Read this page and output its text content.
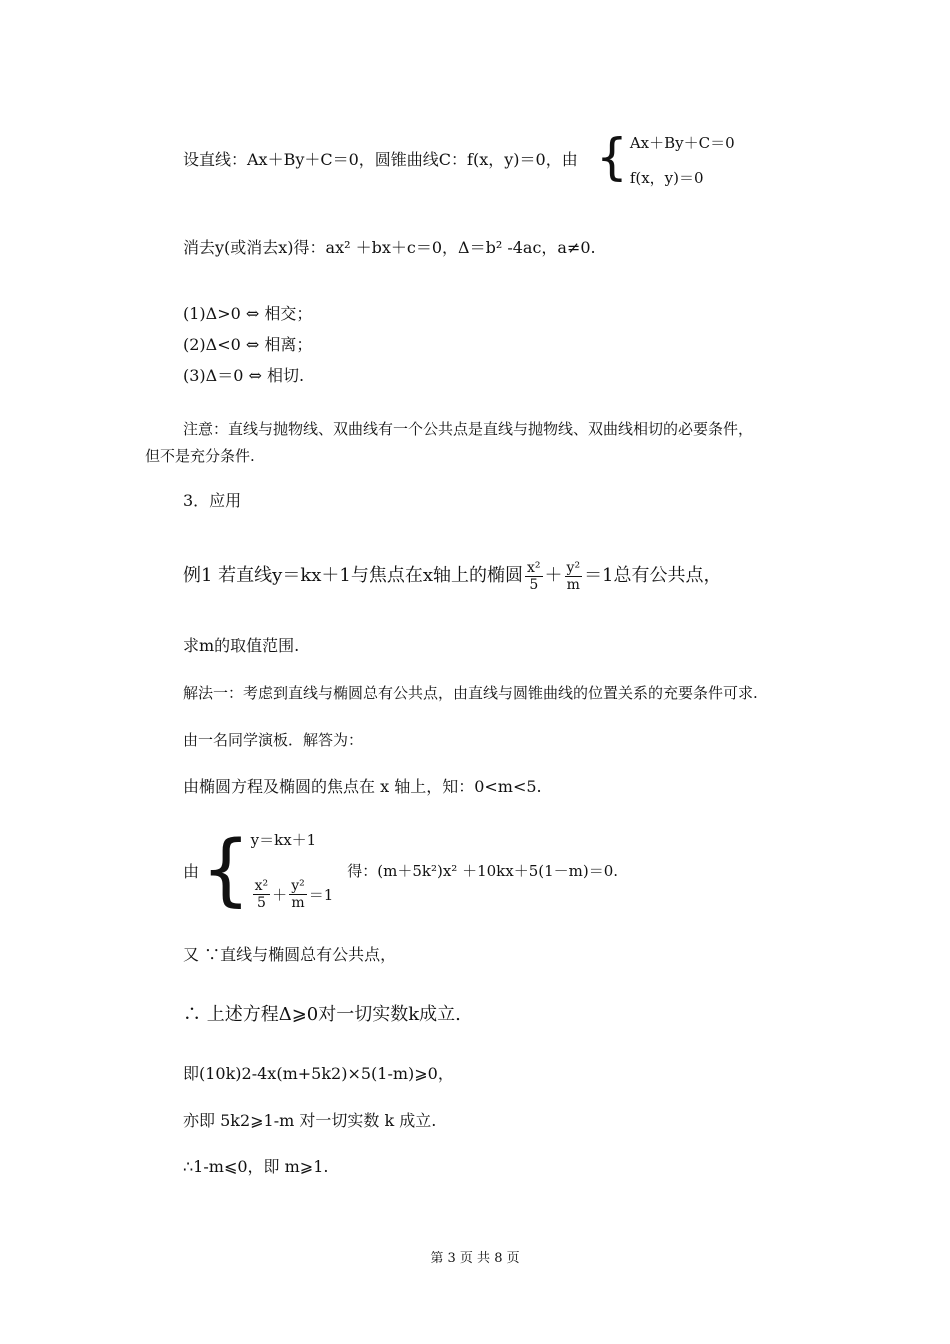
设直线：Ax＋By＋C＝0，圆锥曲线C：f(x，y)＝0，由 { Ax＋By＋C＝0
f(x，y)＝0
消去y(或消去x)得：ax² ＋bx＋c＝0，Δ＝b² -4ac，a≠0.
(1)Δ>0 ⇔ 相交；
(2)Δ<0 ⇔ 相离；
(3)Δ＝0 ⇔ 相切.
注意：直线与抛物线、双曲线有一个公共点是直线与抛物线、双曲线相切的必要条件，
但不是充分条件.
3．应用
例1 若直线y＝kx＋1与焦点在x轴上的椭圆 $\frac{\text{x²}}{5} + \frac{\text{y²}}{m} =1$总有公共点，
求m的取值范围.
解法一：考虑到直线与椭圆总有公共点，由直线与圆锥曲线的位置关系的充要条件可求.
由一名同学演板．解答为：
由椭圆方程及椭圆的焦点在 x 轴上，知：0<m<5.
由 { y＝kx＋1
$\frac{\text{x²}}{5} + \frac{\text{y²}}{m} =1$
得：(m＋5k²)x² ＋10kx＋5(1－m)＝0.
又 ∵直线与椭圆总有公共点，
∴ 上述方程Δ⩾0对一切实数k成立.
即(10k)2-4x(m+5k2)×5(1-m)⩾0，
亦即 5k2⩾1-m 对一切实数 k 成立.
∴1-m⩽0，即 m⩾1.
第 3 页 共 8 页
